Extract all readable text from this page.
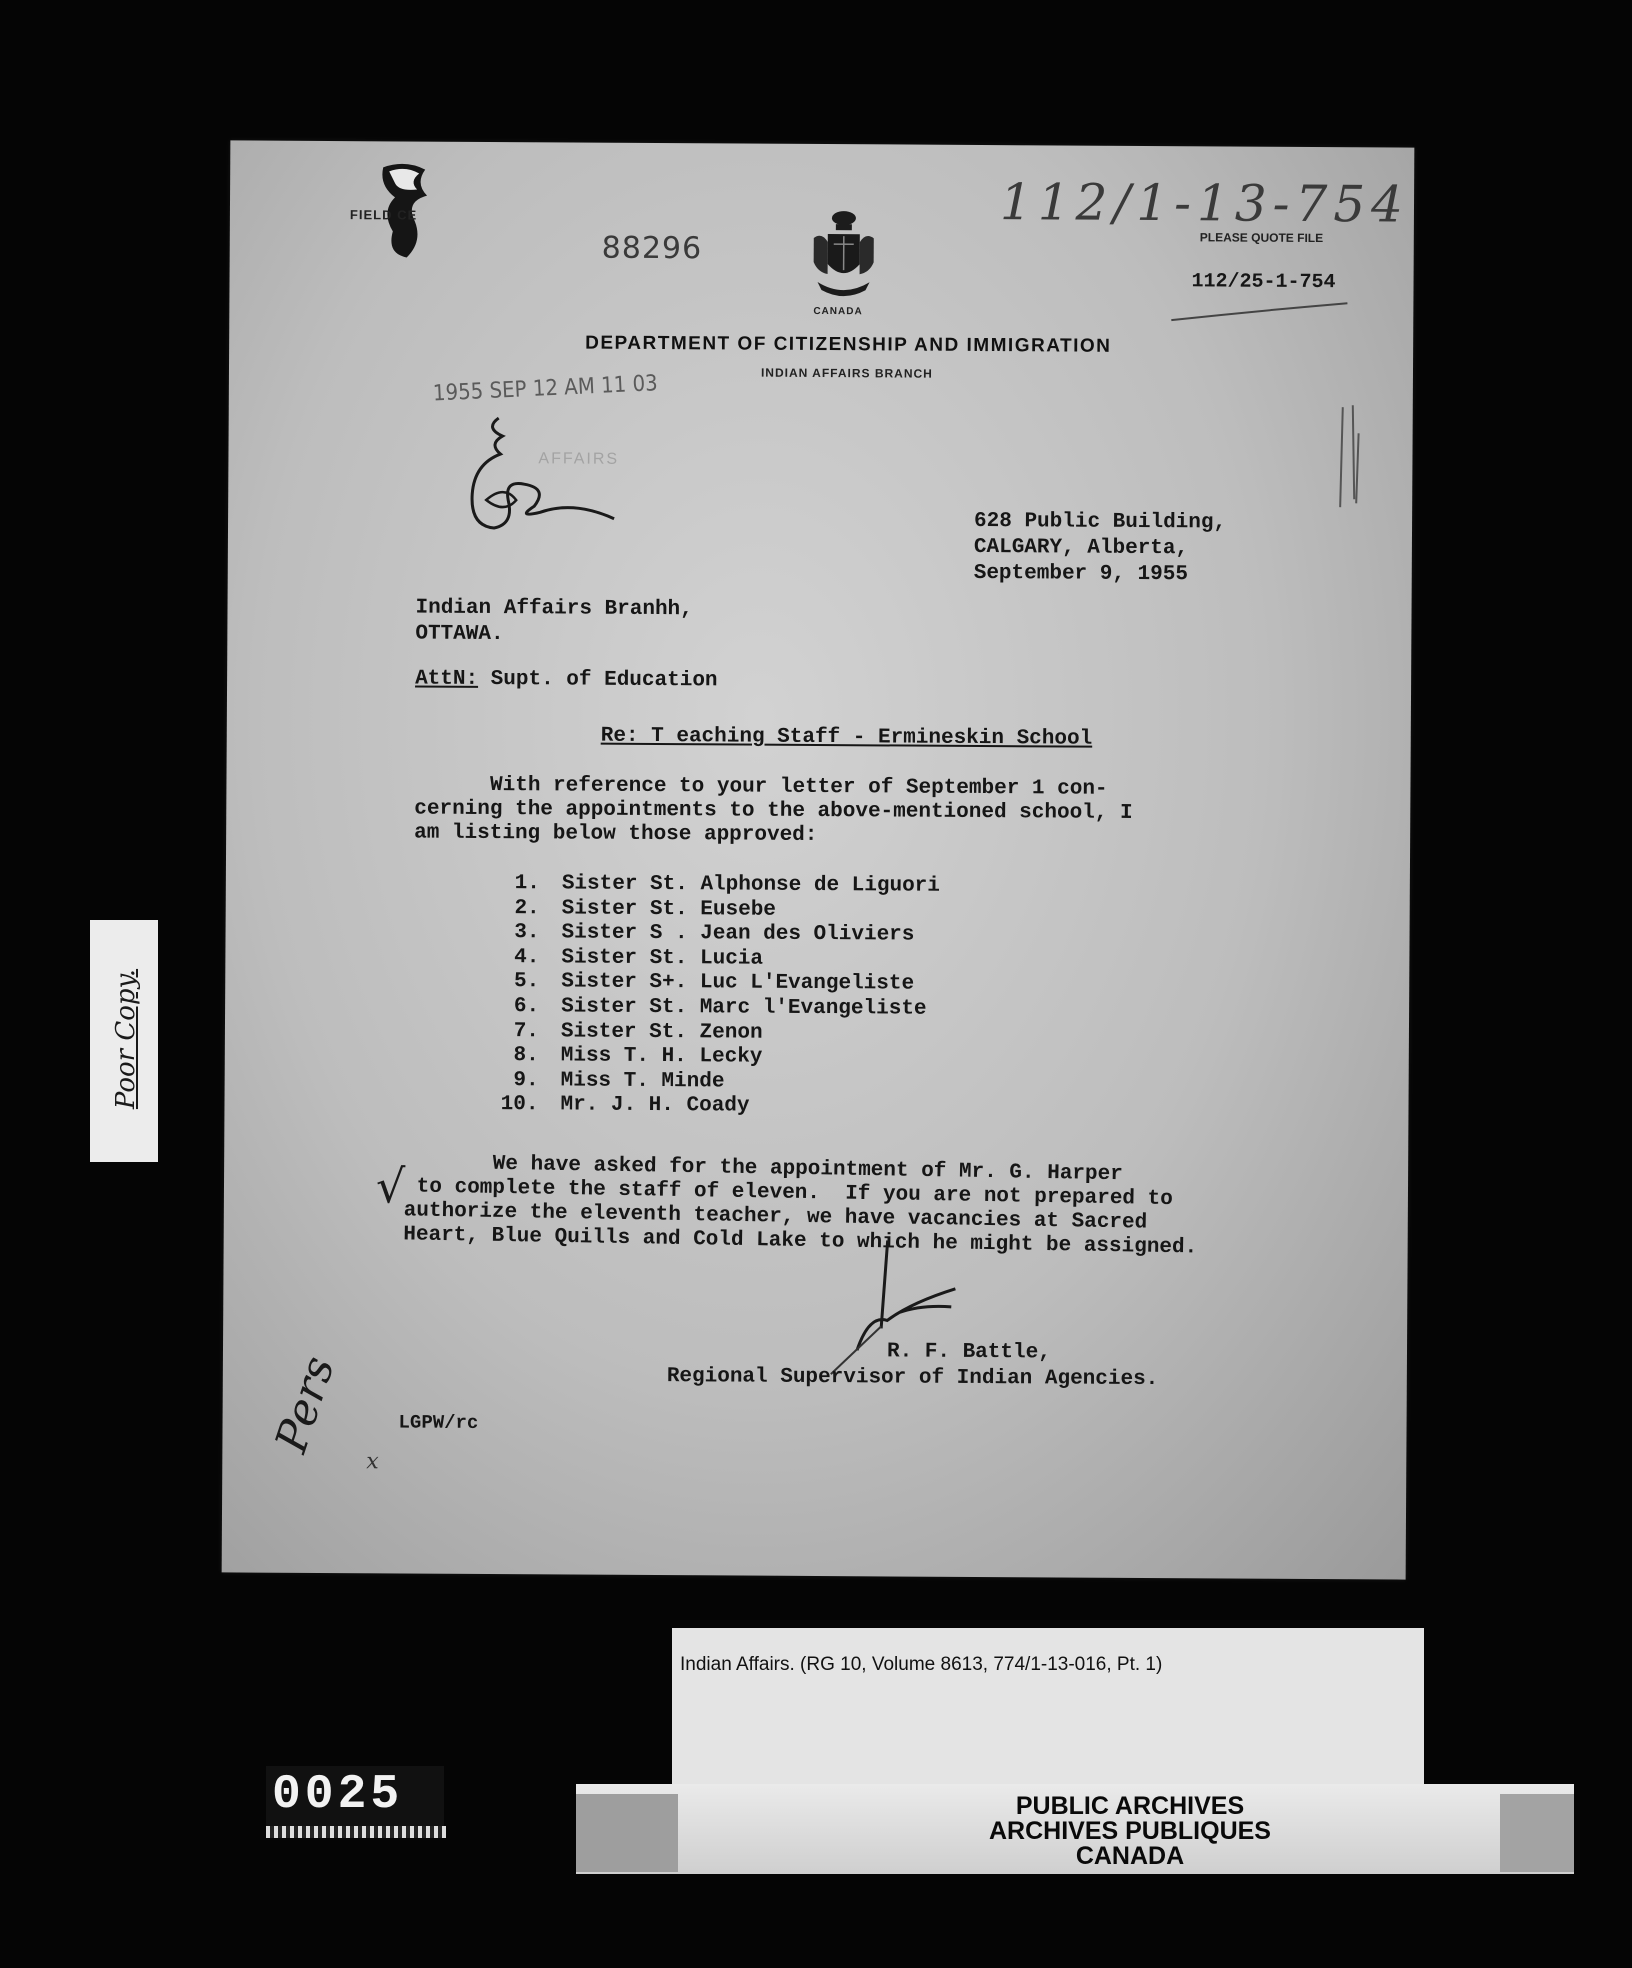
FIELD CE
88296
CANADA
112/1-13-754
PLEASE QUOTE FILE
112/25-1-754
DEPARTMENT OF CITIZENSHIP AND IMMIGRATION
INDIAN AFFAIRS BRANCH
1955 SEP 12 AM 11 03
AFFAIRS
628 Public Building,
CALGARY, Alberta,
September 9, 1955
Indian Affairs Branhh,
OTTAWA.
AttN: Supt. of Education
Re: T eaching Staff - Ermineskin School
With reference to your letter of September 1 con-
cerning the appointments to the above-mentioned school, I
am listing below those approved:
1. Sister St. Alphonse de Liguori
2. Sister St. Eusebe
3. Sister S . Jean des Oliviers
4. Sister St. Lucia
5. Sister S+. Luc L'Evangeliste
6. Sister St. Marc l'Evangeliste
7. Sister St. Zenon
8. Miss T. H. Lecky
9. Miss T. Minde
10. Mr. J. H. Coady
√
We have asked for the appointment of Mr. G. Harper
to complete the staff of eleven.  If you are not prepared to
authorize the eleventh teacher, we have vacancies at Sacred
Heart, Blue Quills and Cold Lake to which he might be assigned.
R. F. Battle,
Regional Supervisor of Indian Agencies.
LGPW/rc
Pers
x
Poor Copy.
Indian Affairs. (RG 10, Volume 8613, 774/1-13-016, Pt. 1)
PUBLIC ARCHIVES
ARCHIVES PUBLIQUES
CANADA
0025
